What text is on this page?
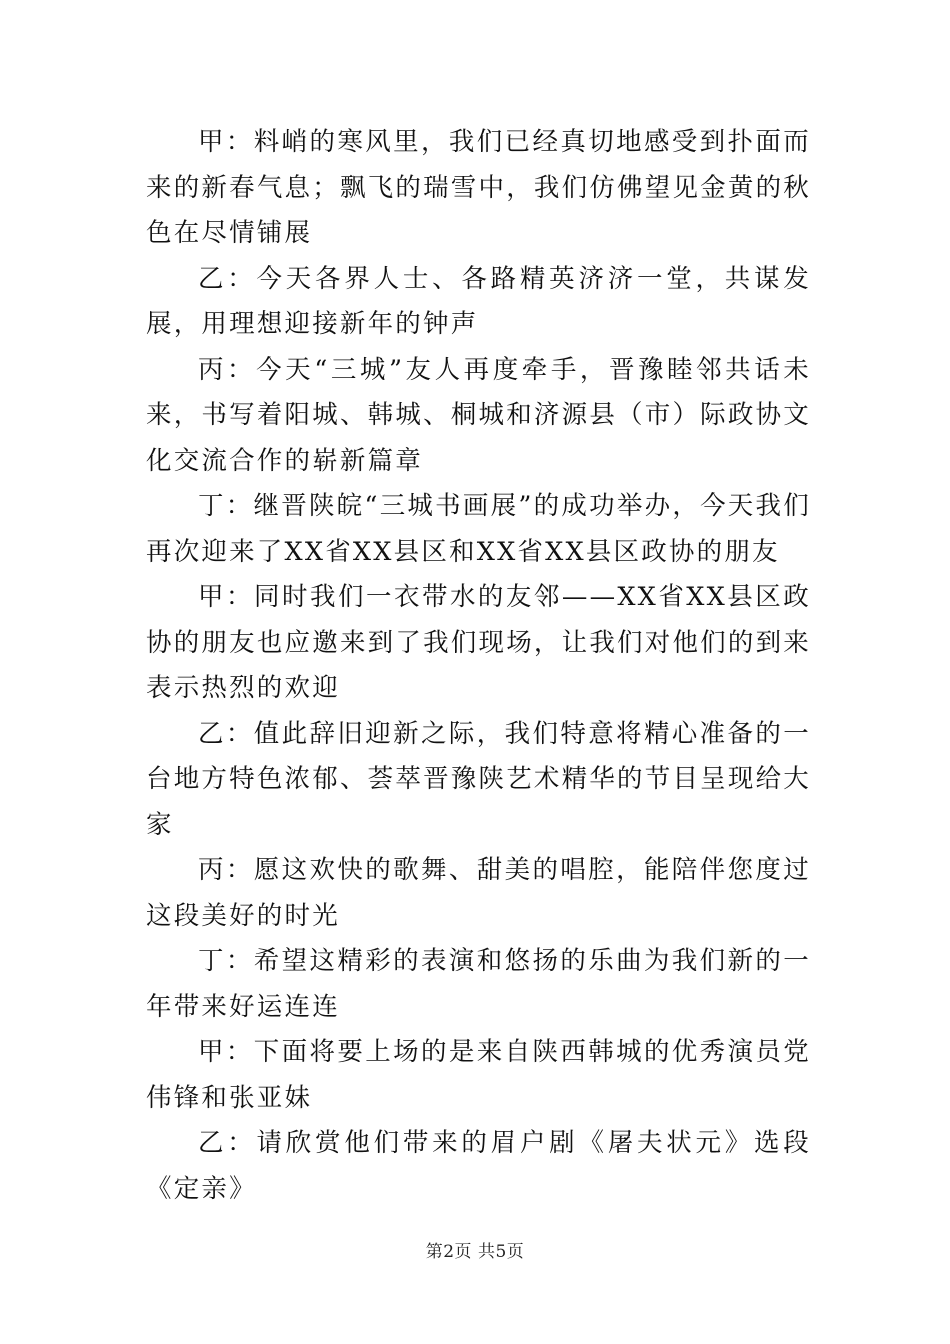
甲：料峭的寒风里，我们已经真切地感受到扑面而来的新春气息；飘飞的瑞雪中，我们仿佛望见金黄的秋色在尽情铺展

乙：今天各界人士、各路精英济济一堂，共谋发展，用理想迎接新年的钟声

丙：今天“三城”友人再度牵手，晋豫睦邻共话未来，书写着阳城、韩城、桐城和济源县（市）际政协文化交流合作的崭新篇章

丁：继晋陕皖“三城书画展”的成功举办，今天我们再次迎来了XX省XX县区和XX省XX县区政协的朋友

甲：同时我们一衣带水的友邻——XX省XX县区政协的朋友也应邀来到了我们现场，让我们对他们的到来表示热烈的欢迎

乙：值此辞旧迎新之际，我们特意将精心准备的一台地方特色浓郁、荟萃晋豫陕艺术精华的节目呈现给大家

丙：愿这欢快的歌舞、甜美的唱腔，能陪伴您度过这段美好的时光

丁：希望这精彩的表演和悠扬的乐曲为我们新的一年带来好运连连

甲：下面将要上场的是来自陕西韩城的优秀演员党伟锋和张亚妹

乙：请欣赏他们带来的眉户剧《屠夫状元》选段《定亲》

第2页 共5页
